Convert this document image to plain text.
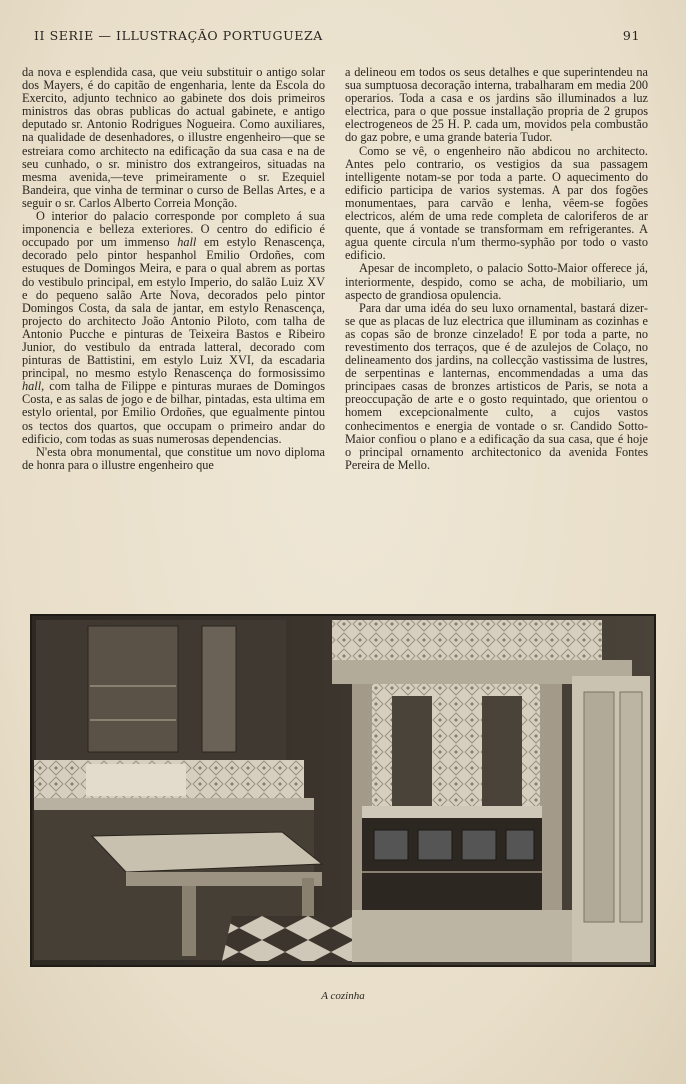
II SERIE — ILLUSTRAÇÃO PORTUGUEZA	91

da nova e esplendida casa, que veiu substituir o antigo solar dos Mayers, é do capitão de engenharia, lente da Escola do Exercito, adjunto technico ao gabinete dos dois primeiros ministros das obras publicas do actual gabinete, e antigo deputado sr. Antonio Rodrigues Nogueira. Como auxiliares, na qualidade de desenhadores, o illustre engenheiro—que se estreiara como architecto na edificação da sua casa e na de seu cunhado, o sr. ministro dos extrangeiros, situadas na mesma avenida,—teve primeiramente o sr. Ezequiel Bandeira, que vinha de terminar o curso de Bellas Artes, e a seguir o sr. Carlos Alberto Correia Monção.

O interior do palacio corresponde por completo á sua imponencia e belleza exteriores. O centro do edificio é occupado por um immenso hall em estylo Renascença, decorado pelo pintor hespanhol Emilio Ordoñes, com estuques de Domingos Meira, e para o qual abrem as portas do vestibulo principal, em estylo Imperio, do salão Luiz XV e do pequeno salão Arte Nova, decorados pelo pintor Domingos Costa, da sala de jantar, em estylo Renascença, projecto do architecto João Antonio Piloto, com talha de Antonio Pucche e pinturas de Teixeira Bastos e Ribeiro Junior, do vestibulo da entrada latteral, decorado com pinturas de Battistini, em estylo Luiz XVI, da escadaria principal, no mesmo estylo Renascença do formosissimo hall, com talha de Filippe e pinturas muraes de Domingos Costa, e as salas de jogo e de bilhar, pintadas, esta ultima em estylo oriental, por Emilio Ordoñes, que egualmente pintou os tectos dos quartos, que occupam o primeiro andar do edificio, com todas as suas numerosas dependencias.

N'esta obra monumental, que constitue um novo diploma de honra para o illustre engenheiro que

a delineou em todos os seus detalhes e que superintendeu na sua sumptuosa decoração interna, trabalharam em media 200 operarios. Toda a casa e os jardins são illuminados a luz electrica, para o que possue installação propria de 2 grupos electrogeneos de 25 H. P. cada um, movidos pela combustão do gaz pobre, e uma grande bateria Tudor.

Como se vê, o engenheiro não abdicou no architecto. Antes pelo contrario, os vestigios da sua passagem intelligente notam-se por toda a parte. O aquecimento do edificio participa de varios systemas. A par dos fogões monumentaes, para carvão e lenha, vêem-se fogões electricos, além de uma rede completa de caloriferos de ar quente, que á vontade se transformam em refrigerantes. A agua quente circula n'um thermo-syphão por todo o vasto edificio.

Apesar de incompleto, o palacio Sotto-Maior offerece já, interiormente, despido, como se acha, de mobiliario, um aspecto de grandiosa opulencia.

Para dar uma idéa do seu luxo ornamental, bastará dizer-se que as placas de luz electrica que illuminam as cozinhas e as copas são de bronze cinzelado! E por toda a parte, no revestimento dos terraços, que é de azulejos de Colaço, no delineamento dos jardins, na collecção vastissima de lustres, de serpentinas e lanternas, encommendadas a uma das principaes casas de bronzes artisticos de Paris, se nota a preoccupação de arte e o gosto requintado, que orientou o homem excepcionalmente culto, a cujos vastos conhecimentos e energia de vontade o sr. Candido Sotto-Maior confiou o plano e a edificação da sua casa, que é hoje o principal ornamento architectonico da avenida Fontes Pereira de Mello.

A cozinha
